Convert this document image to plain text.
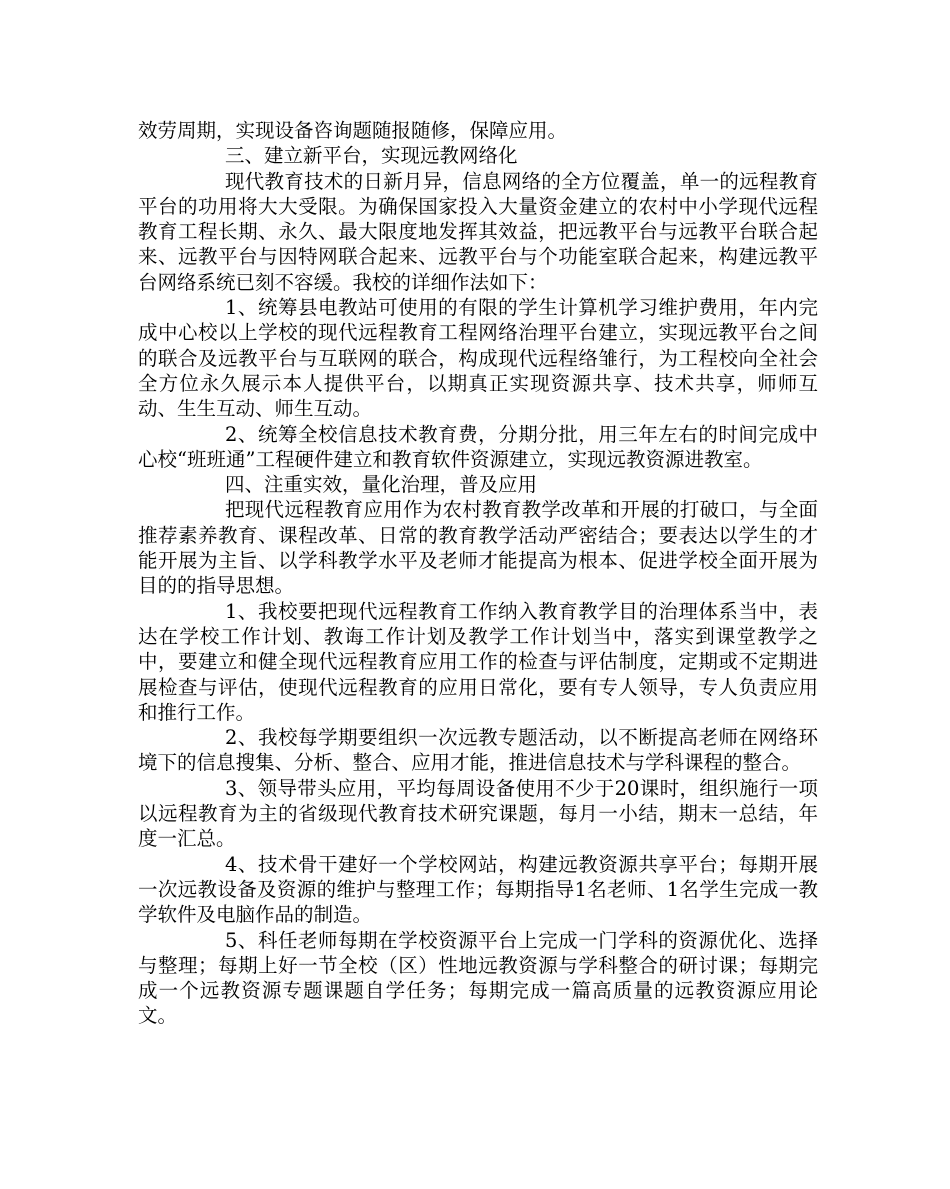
效劳周期，实现设备咨询题随报随修，保障应用。

三、建立新平台，实现远教网络化

现代教育技术的日新月异，信息网络的全方位覆盖，单一的远程教育平台的功用将大大受限。为确保国家投入大量资金建立的农村中小学现代远程教育工程长期、永久、最大限度地发挥其效益，把远教平台与远教平台联合起来、远教平台与因特网联合起来、远教平台与个功能室联合起来，构建远教平台网络系统已刻不容缓。我校的详细作法如下：

1、统筹县电教站可使用的有限的学生计算机学习维护费用，年内完成中心校以上学校的现代远程教育工程网络治理平台建立，实现远教平台之间的联合及远教平台与互联网的联合，构成现代远程络雏行，为工程校向全社会全方位永久展示本人提供平台，以期真正实现资源共享、技术共享，师师互动、生生互动、师生互动。

2、统筹全校信息技术教育费，分期分批，用三年左右的时间完成中心校“班班通”工程硬件建立和教育软件资源建立，实现远教资源进教室。

四、注重实效，量化治理，普及应用

把现代远程教育应用作为农村教育教学改革和开展的打破口，与全面推荐素养教育、课程改革、日常的教育教学活动严密结合；要表达以学生的才能开展为主旨、以学科教学水平及老师才能提高为根本、促进学校全面开展为目的的指导思想。

1、我校要把现代远程教育工作纳入教育教学目的治理体系当中，表达在学校工作计划、教诲工作计划及教学工作计划当中，落实到课堂教学之中，要建立和健全现代远程教育应用工作的检查与评估制度，定期或不定期进展检查与评估，使现代远程教育的应用日常化，要有专人领导，专人负责应用和推行工作。

2、我校每学期要组织一次远教专题活动，以不断提高老师在网络环境下的信息搜集、分析、整合、应用才能，推进信息技术与学科课程的整合。

3、领导带头应用，平均每周设备使用不少于20课时，组织施行一项以远程教育为主的省级现代教育技术研究课题，每月一小结，期末一总结，年度一汇总。

4、技术骨干建好一个学校网站，构建远教资源共享平台；每期开展一次远教设备及资源的维护与整理工作；每期指导1名老师、1名学生完成一教学软件及电脑作品的制造。

5、科任老师每期在学校资源平台上完成一门学科的资源优化、选择与整理；每期上好一节全校（区）性地远教资源与学科整合的研讨课；每期完成一个远教资源专题课题自学任务；每期完成一篇高质量的远教资源应用论文。
